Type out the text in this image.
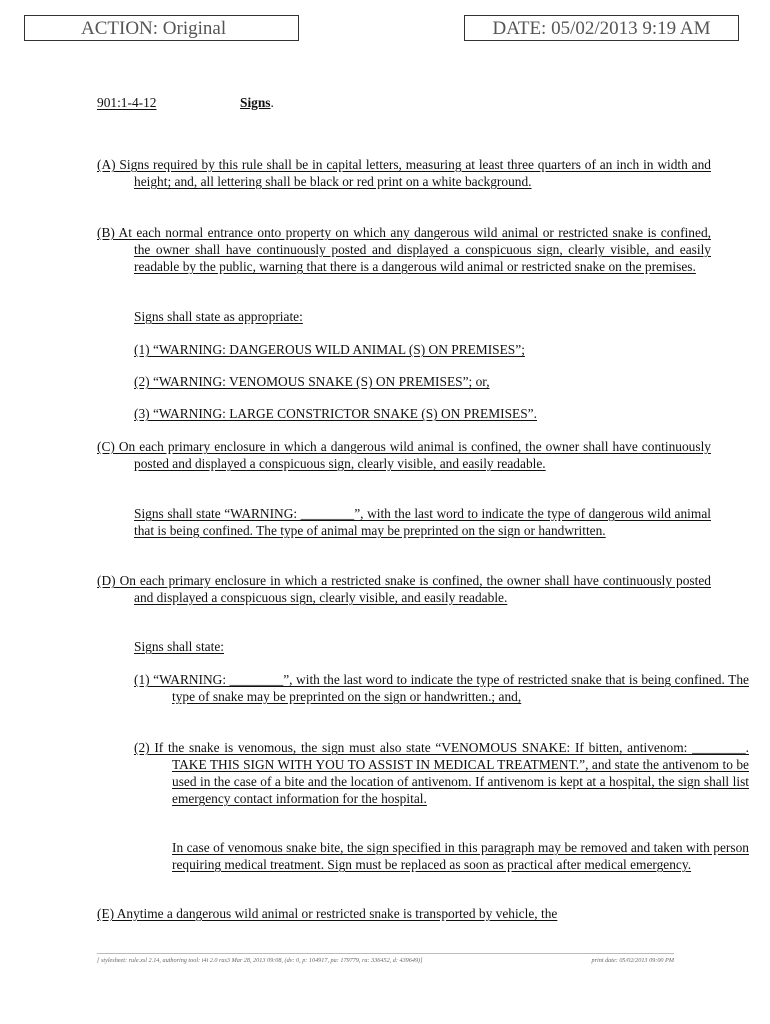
ACTION: Original	DATE: 05/02/2013 9:19 AM
901:1-4-12	Signs.

(A) Signs required by this rule shall be in capital letters, measuring at least three quarters of an inch in width and height; and, all lettering shall be black or red print on a white background.

(B) At each normal entrance onto property on which any dangerous wild animal or restricted snake is confined, the owner shall have continuously posted and displayed a conspicuous sign, clearly visible, and easily readable by the public, warning that there is a dangerous wild animal or restricted snake on the premises.

Signs shall state as appropriate:

(1) “WARNING: DANGEROUS WILD ANIMAL (S) ON PREMISES”;

(2) “WARNING: VENOMOUS SNAKE (S) ON PREMISES”; or,

(3) “WARNING: LARGE CONSTRICTOR SNAKE (S) ON PREMISES”.

(C) On each primary enclosure in which a dangerous wild animal is confined, the owner shall have continuously posted and displayed a conspicuous sign, clearly visible, and easily readable.

Signs shall state “WARNING: ________”, with the last word to indicate the type of dangerous wild animal that is being confined. The type of animal may be preprinted on the sign or handwritten.

(D) On each primary enclosure in which a restricted snake is confined, the owner shall have continuously posted and displayed a conspicuous sign, clearly visible, and easily readable.

Signs shall state:

(1) “WARNING: ________”, with the last word to indicate the type of restricted snake that is being confined. The type of snake may be preprinted on the sign or handwritten.; and,

(2) If the snake is venomous, the sign must also state “VENOMOUS SNAKE: If bitten, antivenom: ________. TAKE THIS SIGN WITH YOU TO ASSIST IN MEDICAL TREATMENT.”, and state the antivenom to be used in the case of a bite and the location of antivenom. If antivenom is kept at a hospital, the sign shall list emergency contact information for the hospital.

In case of venomous snake bite, the sign specified in this paragraph may be removed and taken with person requiring medical treatment. Sign must be replaced as soon as practical after medical emergency.

(E) Anytime a dangerous wild animal or restricted snake is transported by vehicle, the

[ stylesheet: rule.xsl 2.14, authoring tool: i4i 2.0 ras3 Mar 28, 2013 09:08, (dv: 0, p: 104917, pa: 179779, ra: 336452, d: 439649)]	print date: 05/02/2013 09:00 PM
